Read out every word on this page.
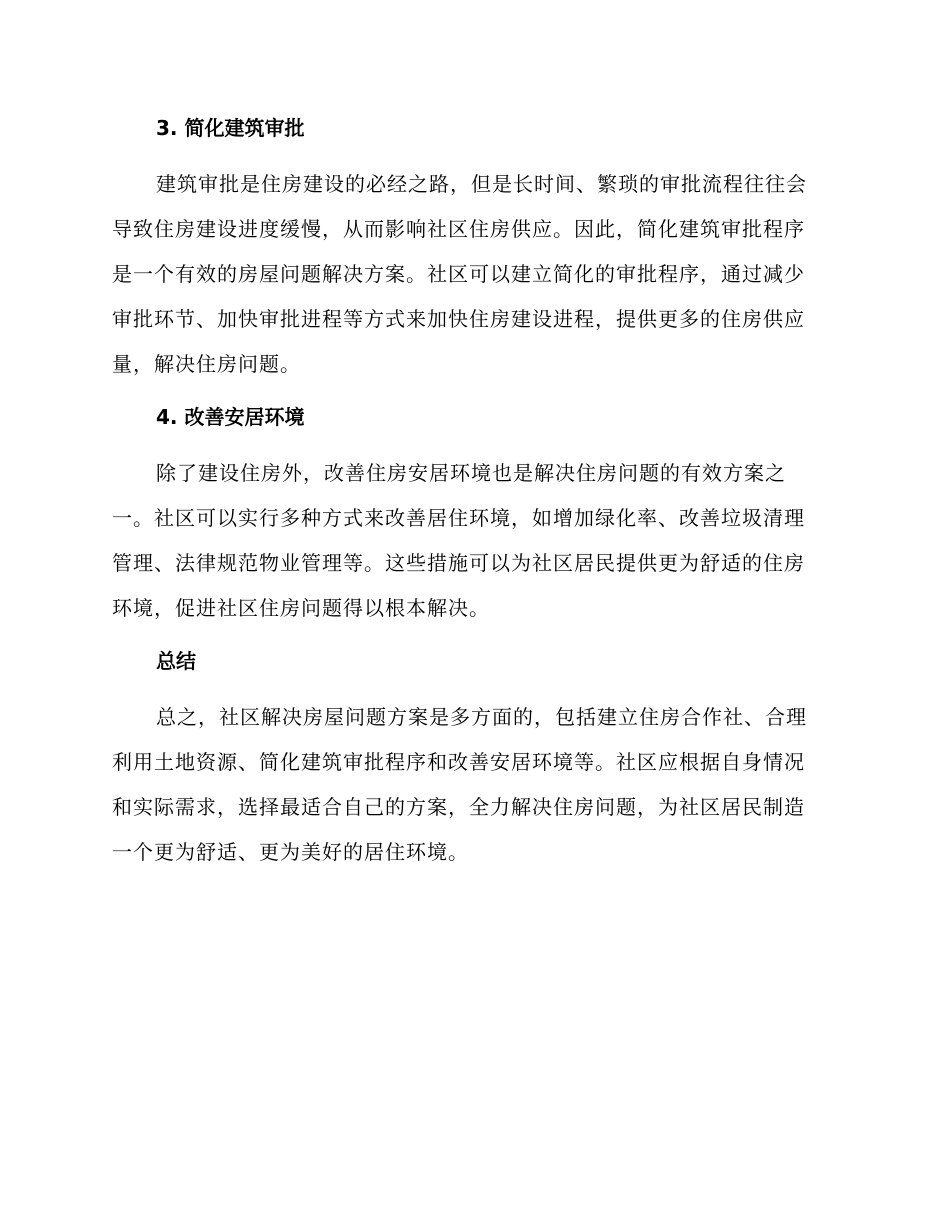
3. 简化建筑审批

建筑审批是住房建设的必经之路，但是长时间、繁琐的审批流程往往会
导致住房建设进度缓慢，从而影响社区住房供应。因此，简化建筑审批程序
是一个有效的房屋问题解决方案。社区可以建立简化的审批程序，通过减少
审批环节、加快审批进程等方式来加快住房建设进程，提供更多的住房供应
量，解决住房问题。

4. 改善安居环境

除了建设住房外，改善住房安居环境也是解决住房问题的有效方案之
一。社区可以实行多种方式来改善居住环境，如增加绿化率、改善垃圾清理
管理、法律规范物业管理等。这些措施可以为社区居民提供更为舒适的住房
环境，促进社区住房问题得以根本解决。

总结

总之，社区解决房屋问题方案是多方面的，包括建立住房合作社、合理
利用土地资源、简化建筑审批程序和改善安居环境等。社区应根据自身情况
和实际需求，选择最适合自己的方案，全力解决住房问题，为社区居民制造
一个更为舒适、更为美好的居住环境。
